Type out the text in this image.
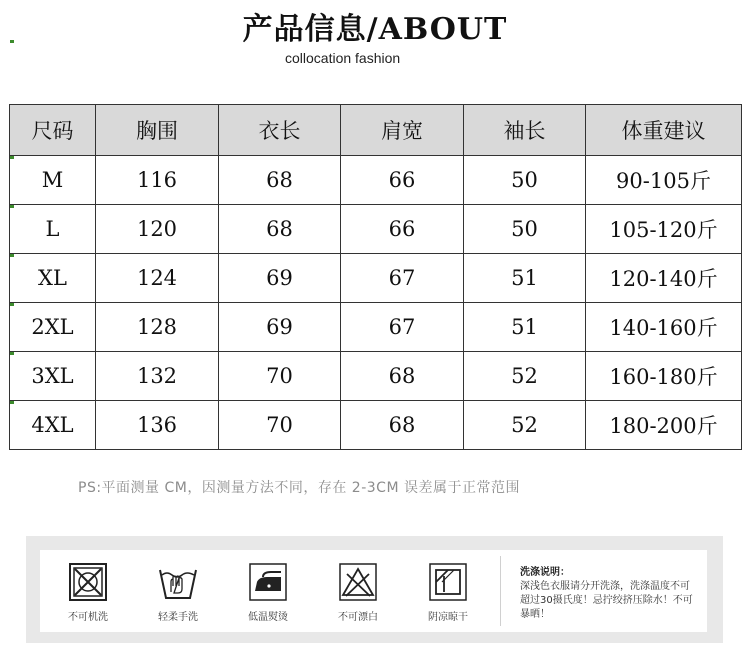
产品信息/ABOUT
collocation fashion
尺码	胸围	衣长	肩宽	袖长	体重建议

M	116	68	66	50	90-105斤

L	120	68	66	50	105-120斤

XL	124	69	67	51	120-140斤

2XL	128	69	67	51	140-160斤

3XL	132	70	68	52	160-180斤

4XL	136	70	68	52	180-200斤
PS:平面测量 CM，因测量方法不同，存在 2-3CM 误差属于正常范围
不可机洗	轻柔手洗	低温熨烫	不可漂白	阴凉晾干
洗涤说明：
深浅色衣服请分开洗涤，洗涤温度不可超过30摄氏度！忌拧绞挤压除水！不可暴晒！
